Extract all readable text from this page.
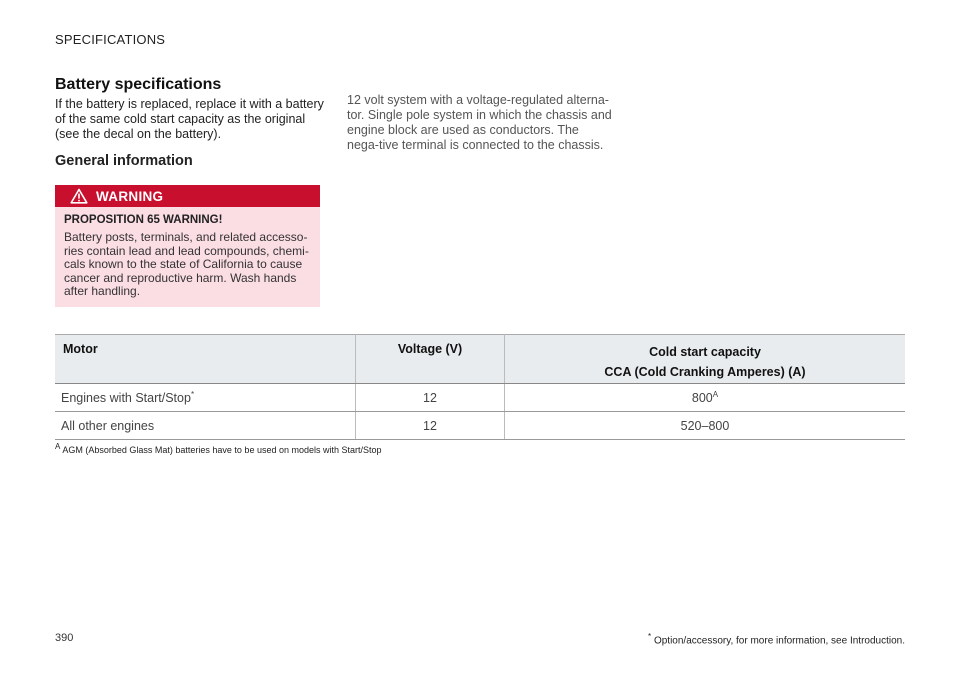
SPECIFICATIONS
Battery specifications
If the battery is replaced, replace it with a battery of the same cold start capacity as the original (see the decal on the battery).
General information
WARNING
PROPOSITION 65 WARNING!
Battery posts, terminals, and related accesso-ries contain lead and lead compounds, chemi-cals known to the state of California to cause cancer and reproductive harm. Wash hands after handling.
12 volt system with a voltage-regulated alterna-tor. Single pole system in which the chassis and engine block are used as conductors. The nega-tive terminal is connected to the chassis.
Motor	Voltage (V)	Cold start capacity
CCA (Cold Cranking Amperes) (A)

Engines with Start/Stop*	12	$800^A$
All other engines	12	520–800
$^A$ AGM (Absorbed Glass Mat) batteries have to be used on models with Start/Stop
390	* Option/accessory, for more information, see Introduction.
